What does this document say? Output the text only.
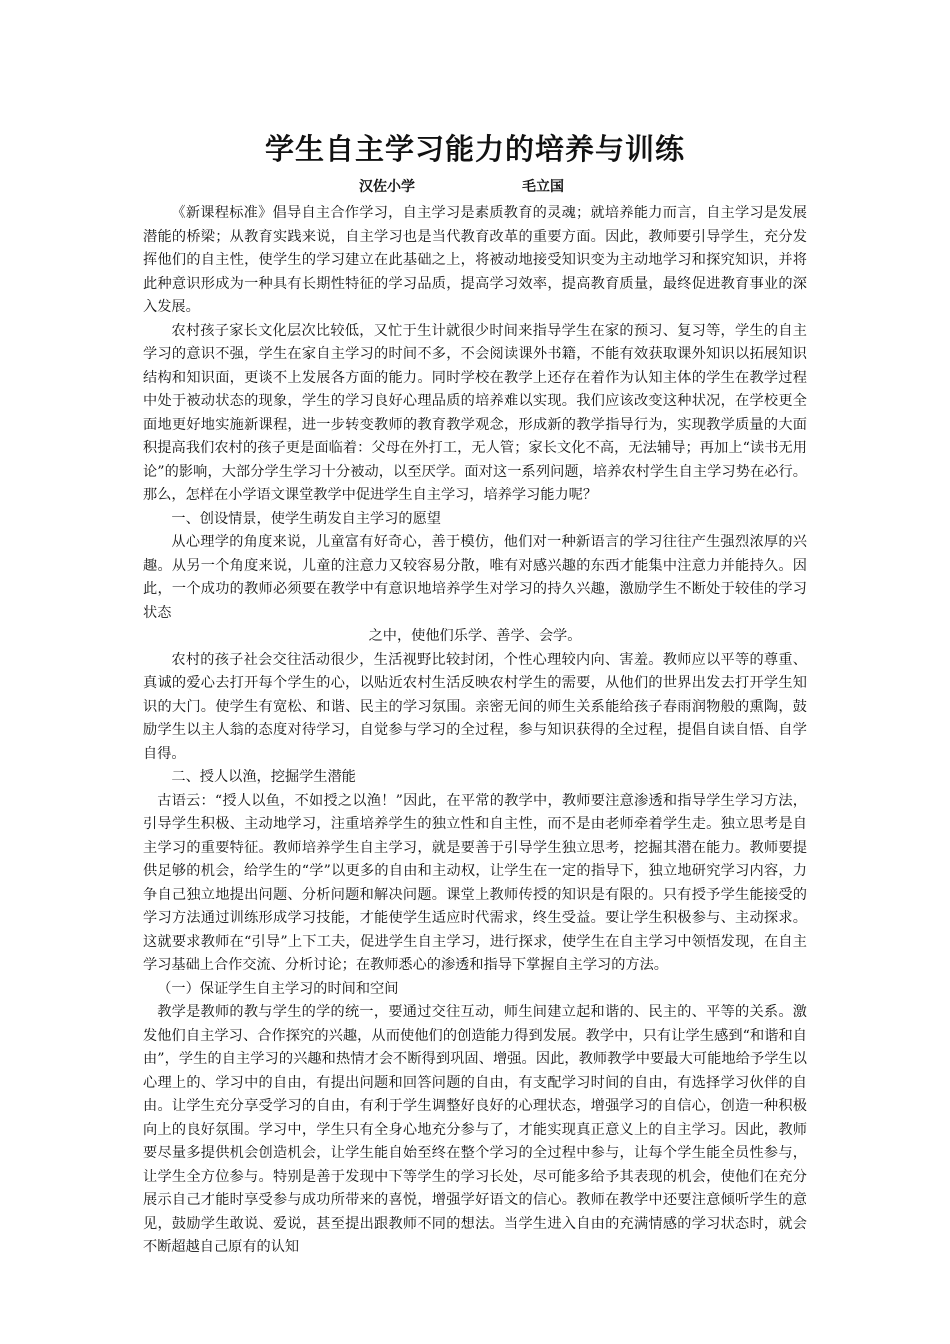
学生自主学习能力的培养与训练
汉佐小学	毛立国

《新课程标准》倡导自主合作学习，自主学习是素质教育的灵魂；就培养能力而言，自主学习是发展潜能的桥梁；从教育实践来说，自主学习也是当代教育改革的重要方面。因此，教师要引导学生，充分发挥他们的自主性，使学生的学习建立在此基础之上，将被动地接受知识变为主动地学习和探究知识，并将此种意识形成为一种具有长期性特征的学习品质，提高学习效率，提高教育质量，最终促进教育事业的深入发展。

农村孩子家长文化层次比较低，又忙于生计就很少时间来指导学生在家的预习、复习等，学生的自主学习的意识不强，学生在家自主学习的时间不多，不会阅读课外书籍，不能有效获取课外知识以拓展知识结构和知识面，更谈不上发展各方面的能力。同时学校在教学上还存在着作为认知主体的学生在教学过程中处于被动状态的现象，学生的学习良好心理品质的培养难以实现。我们应该改变这种状况，在学校更全面地更好地实施新课程，进一步转变教师的教育教学观念，形成新的教学指导行为，实现教学质量的大面积提高我们农村的孩子更是面临着：父母在外打工，无人管；家长文化不高，无法辅导；再加上“读书无用论”的影响，大部分学生学习十分被动，以至厌学。面对这一系列问题，培养农村学生自主学习势在必行。那么，怎样在小学语文课堂教学中促进学生自主学习，培养学习能力呢？

一、创设情景，使学生萌发自主学习的愿望

从心理学的角度来说，儿童富有好奇心，善于模仿，他们对一种新语言的学习往往产生强烈浓厚的兴趣。从另一个角度来说，儿童的注意力又较容易分散，唯有对感兴趣的东西才能集中注意力并能持久。因此，一个成功的教师必须要在教学中有意识地培养学生对学习的持久兴趣，激励学生不断处于较佳的学习状态

之中，使他们乐学、善学、会学。

农村的孩子社会交往活动很少，生活视野比较封闭，个性心理较内向、害羞。教师应以平等的尊重、真诚的爱心去打开每个学生的心，以贴近农村生活反映农村学生的需要，从他们的世界出发去打开学生知识的大门。使学生有宽松、和谐、民主的学习氛围。亲密无间的师生关系能给孩子春雨润物般的熏陶，鼓励学生以主人翁的态度对待学习，自觉参与学习的全过程，参与知识获得的全过程，提倡自读自悟、自学自得。

二、授人以渔，挖掘学生潜能

古语云：“授人以鱼，不如授之以渔！”因此，在平常的教学中，教师要注意渗透和指导学生学习方法，引导学生积极、主动地学习，注重培养学生的独立性和自主性，而不是由老师牵着学生走。独立思考是自主学习的重要特征。教师培养学生自主学习，就是要善于引导学生独立思考，挖掘其潜在能力。教师要提供足够的机会，给学生的“学”以更多的自由和主动权，让学生在一定的指导下，独立地研究学习内容，力争自己独立地提出问题、分析问题和解决问题。课堂上教师传授的知识是有限的。只有授予学生能接受的学习方法通过训练形成学习技能，才能使学生适应时代需求，终生受益。要让学生积极参与、主动探求。这就要求教师在“引导”上下工夫，促进学生自主学习，进行探求，使学生在自主学习中领悟发现，在自主学习基础上合作交流、分析讨论；在教师悉心的渗透和指导下掌握自主学习的方法。

（一）保证学生自主学习的时间和空间

教学是教师的教与学生的学的统一，要通过交往互动，师生间建立起和谐的、民主的、平等的关系。激发他们自主学习、合作探究的兴趣，从而使他们的创造能力得到发展。教学中，只有让学生感到“和谐和自由”，学生的自主学习的兴趣和热情才会不断得到巩固、增强。因此，教师教学中要最大可能地给予学生以心理上的、学习中的自由，有提出问题和回答问题的自由，有支配学习时间的自由，有选择学习伙伴的自由。让学生充分享受学习的自由，有利于学生调整好良好的心理状态，增强学习的自信心，创造一种积极向上的良好氛围。学习中，学生只有全身心地充分参与了，才能实现真正意义上的自主学习。因此，教师要尽量多提供机会创造机会，让学生能自始至终在整个学习的全过程中参与，让每个学生能全员性参与，让学生全方位参与。特别是善于发现中下等学生的学习长处，尽可能多给予其表现的机会，使他们在充分展示自己才能时享受参与成功所带来的喜悦，增强学好语文的信心。教师在教学中还要注意倾听学生的意见，鼓励学生敢说、爱说，甚至提出跟教师不同的想法。当学生进入自由的充满情感的学习状态时，就会不断超越自己原有的认知
